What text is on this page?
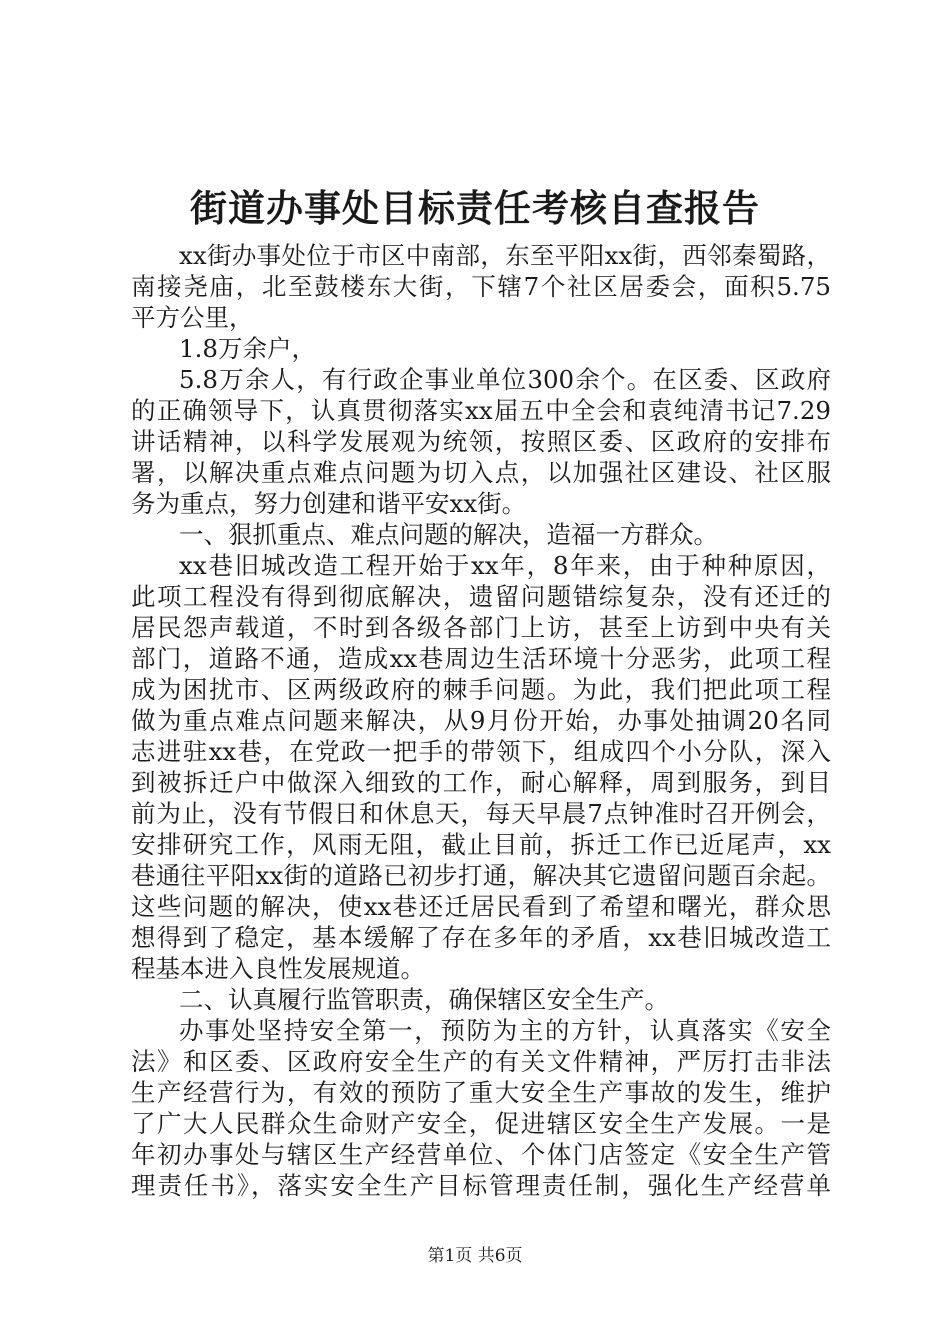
街道办事处目标责任考核自查报告
xx街办事处位于市区中南部，东至平阳xx街，西邻秦蜀路，
南接尧庙，北至鼓楼东大街，下辖7个社区居委会，面积5.75
平方公里，
1.8万余户，
5.8万余人，有行政企事业单位300余个。在区委、区政府
的正确领导下，认真贯彻落实xx届五中全会和袁纯清书记7.29
讲话精神，以科学发展观为统领，按照区委、区政府的安排布
署，以解决重点难点问题为切入点，以加强社区建设、社区服
务为重点，努力创建和谐平安xx街。
一、狠抓重点、难点问题的解决，造福一方群众。
xx巷旧城改造工程开始于xx年，8年来，由于种种原因，
此项工程没有得到彻底解决，遗留问题错综复杂，没有还迁的
居民怨声载道，不时到各级各部门上访，甚至上访到中央有关
部门，道路不通，造成xx巷周边生活环境十分恶劣，此项工程
成为困扰市、区两级政府的棘手问题。为此，我们把此项工程
做为重点难点问题来解决，从9月份开始，办事处抽调20名同
志进驻xx巷，在党政一把手的带领下，组成四个小分队，深入
到被拆迁户中做深入细致的工作，耐心解释，周到服务，到目
前为止，没有节假日和休息天，每天早晨7点钟准时召开例会，
安排研究工作，风雨无阻，截止目前，拆迁工作已近尾声，xx
巷通往平阳xx街的道路已初步打通，解决其它遗留问题百余起。
这些问题的解决，使xx巷还迁居民看到了希望和曙光，群众思
想得到了稳定，基本缓解了存在多年的矛盾，xx巷旧城改造工
程基本进入良性发展规道。
二、认真履行监管职责，确保辖区安全生产。
办事处坚持安全第一，预防为主的方针，认真落实《安全
法》和区委、区政府安全生产的有关文件精神，严厉打击非法
生产经营行为，有效的预防了重大安全生产事故的发生，维护
了广大人民群众生命财产安全，促进辖区安全生产发展。一是
年初办事处与辖区生产经营单位、个体门店签定《安全生产管
理责任书》，落实安全生产目标管理责任制，强化生产经营单
第1页 共6页
